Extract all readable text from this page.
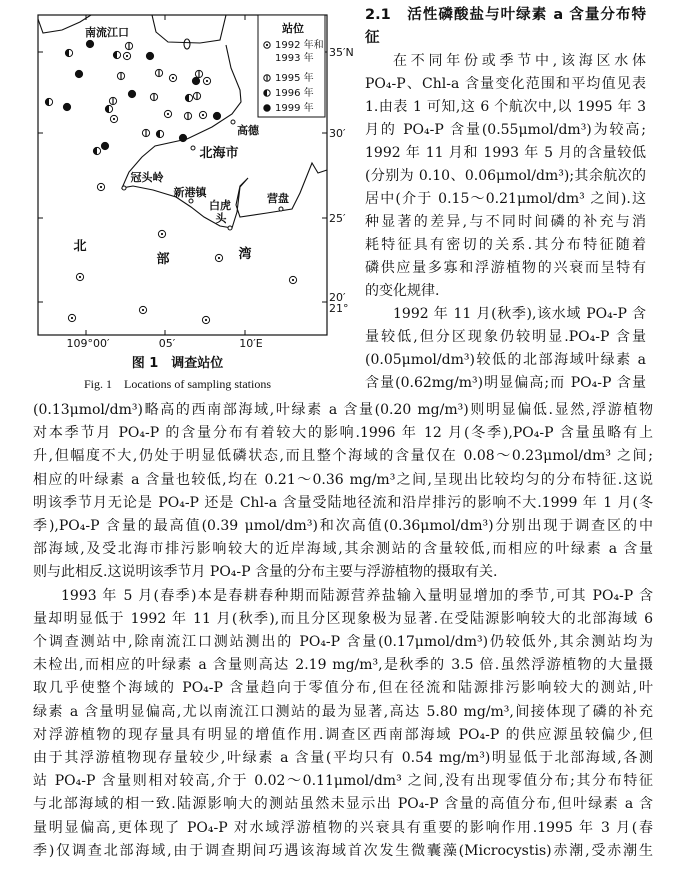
35′N
30′
25′
20′
21°
109°00′	05′	10′E
南流江口
高德
北海市
冠头岭
新港镇
白虎
头
营盘
北
部	湾
站位
1992 年和
1993 年
1995 年
1996 年
1999 年
图 1　调查站位
Fig. 1　Locations of sampling stations
2.1　活性磷酸盐与叶绿素 a 含量分布特
征
在不同年份或季节中,该海区水体
PO₄-P、Chl-a 含量变化范围和平均值见表
1.由表 1 可知,这 6 个航次中,以 1995 年 3
月的 PO₄-P 含量(0.55μmol/dm³)为较高;
1992 年 11 月和 1993 年 5 月的含量较低
(分别为 0.10、0.06μmol/dm³);其余航次的
居中(介于 0.15～0.21μmol/dm³ 之间).这
种显著的差异,与不同时间磷的补充与消
耗特征具有密切的关系.其分布特征随着
磷供应量多寡和浮游植物的兴衰而呈特有
的变化规律.
1992 年 11 月(秋季),该水域 PO₄-P 含
量较低,但分区现象仍较明显.PO₄-P 含量
(0.05μmol/dm³)较低的北部海域叶绿素 a
含量(0.62mg/m³)明显偏高;而 PO₄-P 含量
(0.13μmol/dm³)略高的西南部海域,叶绿素 a 含量(0.20 mg/m³)则明显偏低.显然,浮游植物
对本季节月 PO₄-P 的含量分布有着较大的影响.1996 年 12 月(冬季),PO₄-P 含量虽略有上
升,但幅度不大,仍处于明显低磷状态,而且整个海域的含量仅在 0.08～0.23μmol/dm³ 之间;
相应的叶绿素 a 含量也较低,均在 0.21～0.36 mg/m³之间,呈现出比较均匀的分布特征.这说
明该季节月无论是 PO₄-P 还是 Chl-a 含量受陆地径流和沿岸排污的影响不大.1999 年 1 月(冬
季),PO₄-P 含量的最高值(0.39 μmol/dm³)和次高值(0.36μmol/dm³)分别出现于调查区的中
部海域,及受北海市排污影响较大的近岸海域,其余测站的含量较低,而相应的叶绿素 a 含量
则与此相反.这说明该季节月 PO₄-P 含量的分布主要与浮游植物的摄取有关.
1993 年 5 月(春季)本是春耕春种期而陆源营养盐输入量明显增加的季节,可其 PO₄-P 含
量却明显低于 1992 年 11 月(秋季),而且分区现象极为显著.在受陆源影响较大的北部海域 6
个调查测站中,除南流江口测站测出的 PO₄-P 含量(0.17μmol/dm³)仍较低外,其余测站均为
未检出,而相应的叶绿素 a 含量则高达 2.19 mg/m³,是秋季的 3.5 倍.虽然浮游植物的大量摄
取几乎使整个海域的 PO₄-P 含量趋向于零值分布,但在径流和陆源排污影响较大的测站,叶
绿素 a 含量明显偏高,尤以南流江口测站的最为显著,高达 5.80 mg/m³,间接体现了磷的补充
对浮游植物的现存量具有明显的增值作用.调查区西南部海域 PO₄-P 的供应源虽较偏少,但
由于其浮游植物现存量较少,叶绿素 a 含量(平均只有 0.54 mg/m³)明显低于北部海域,各测
站 PO₄-P 含量则相对较高,介于 0.02～0.11μmol/dm³ 之间,没有出现零值分布;其分布特征
与北部海域的相一致.陆源影响大的测站虽然未显示出 PO₄-P 含量的高值分布,但叶绿素 a 含
量明显偏高,更体现了 PO₄-P 对水域浮游植物的兴衰具有重要的影响作用.1995 年 3 月(春
季)仅调查北部海域,由于调查期间巧遇该海域首次发生微囊藻(Microcystis)赤潮,受赤潮生
